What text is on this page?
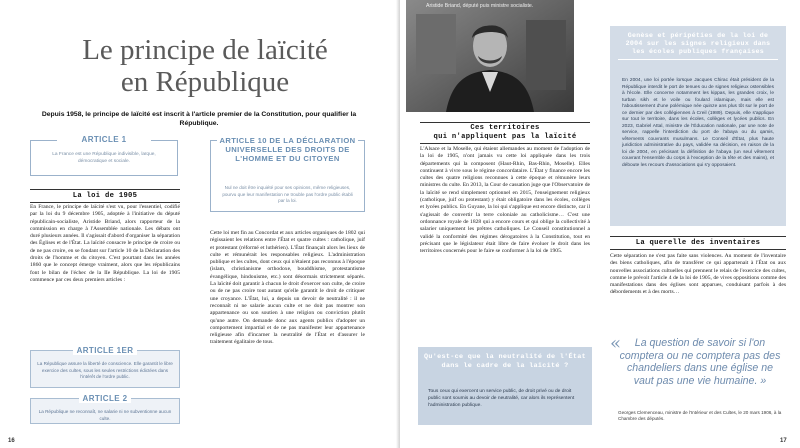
Le principe de laïcité
en République
Depuis 1958, le principe de laïcité est inscrit à l'article premier de la Constitution, pour qualifier la République.
ARTICLE 1

La France est une République indivisible, laïque, démocratique et sociale.

La loi de 1905
En France, le principe de laïcité s'est vu, pour l'essentiel, codifié par la loi du 9 décembre 1905, adoptée à l'initiative du député républicain-socialiste, Aristide Briand, alors rapporteur de la commission en charge à l'Assemblée nationale. Les débats ont duré plusieurs années. Il s'agissait d'abord d'organiser la séparation des Églises et de l'État. La laïcité consacre le principe de croire ou de ne pas croire, en se fondant sur l'article 10 de la Déclaration des droits de l'homme et du citoyen. C'est pourtant dans les années 1860 que le concept émerge vraiment, alors que les républicains font le bilan de l'échec de la IIe République. La loi de 1905 commence par ces deux premiers articles :
ARTICLE 1ER

La République assure la liberté de conscience. Elle garantit le libre exercice des cultes, sous les seules restrictions édictées dans l'intérêt de l'ordre public.

ARTICLE 2

La République ne reconnaît, ne salarie ni ne subventionne aucun culte.

ARTICLE 10 DE LA DÉCLARATION UNIVERSELLE DES DROITS DE L'HOMME ET DU CITOYEN

Nul ne doit être inquiété pour ses opinions, même religieuses, pourvu que leur manifestation ne trouble pas l'ordre public établi par la loi.

Cette loi met fin au Concordat et aux articles organiques de 1802 qui régissaient les relations entre l'État et quatre cultes : catholique, juif et protestant (réformé et luthérien). L'État finançait alors les lieux de culte et rémunérait les responsables religieux. L'administration publique et les cultes, dont ceux qui n'étaient pas reconnus à l'époque (islam, christianisme orthodoxe, bouddhisme, protestantisme évangélique, hindouisme, etc.) sont désormais strictement séparés. La laïcité doit garantir à chacun le droit d'exercer son culte, de croire ou de ne pas croire tout autant qu'elle garantit le droit de critiquer une croyance. L'État, lui, a depuis un devoir de neutralité : il ne reconnaît ni ne salarie aucun culte et ne doit pas montrer son appartenance ou son soutien à une religion ou conviction plutôt qu'une autre. On demande donc aux agents publics d'adopter un comportement impartial et de ne pas manifester leur appartenance religieuse afin d'incarner la neutralité de l'État et d'assurer le traitement égalitaire de tous.
16
Aristide Briand, député puis ministre socialiste.
Ces territoires
qui n'appliquent pas la laïcité
L'Alsace et la Moselle, qui étaient allemandes au moment de l'adoption de la loi de 1905, n'ont jamais vu cette loi appliquée dans les trois départements qui la composent (Haut-Rhin, Bas-Rhin, Moselle). Elles continuent à vivre sous le régime concordataire. L'État y finance encore les cultes des quatre religions reconnues à cette époque et rémunère leurs ministres du culte. En 2013, la Cour de cassation juge que l'Observatoire de la laïcité se rend simplement optionnel en 2015, l'enseignement religieux (catholique, juif ou protestant) y était obligatoire dans les écoles, collèges et lycées publics. En Guyane, la loi qui s'applique est encore distincte, car il s'agissait de convertir la terre coloniale au catholicisme… C'est une ordonnance royale de 1828 qui a encore cours et qui oblige la collectivité à salarier uniquement les prêtres catholiques. Le Conseil constitutionnel a validé la conformité des régimes dérogatoires à la Constitution, tout en précisant que le législateur était libre de faire évoluer le droit dans les territoires concernés pour le faire se conformer à la loi de 1905.
Qu'est-ce que la neutralité de l'État dans le cadre de la laïcité ?

Tous ceux qui exercent un service public, de droit privé ou de droit public sont soumis au devoir de neutralité, car alors ils représentent l'administration publique.

Genèse et péripéties de la loi de 2004 sur les signes religieux dans les écoles publiques françaises

En 2004, une loi portée lorsque Jacques Chirac était président de la République interdit le port de tenues ou de signes religieux ostensibles à l'école. Elle concerne notamment les kippas, les grandes croix, le turban sikh et le voile ou foulard islamique, mais elle est l'aboutissement d'une polémique née quinze ans plus tôt sur le port de ce dernier par des collégiennes à Creil (1989). Depuis, elle s'applique sur tout le territoire, dans les écoles, collèges et lycées publics. En 2023, Gabriel Attal, ministre de l'Éducation nationale, par une note de service, rappelle l'interdiction du port de l'abaya ou du qamis, vêtements couvrants musulmans. Le Conseil d'État, plus haute juridiction administrative du pays, validée sa décision, en raison de la loi de 2004, en précisant la définition de l'abaya (un seul vêtement couvrant l'ensemble du corps à l'exception de la tête et des mains), et déboute les recours d'associations qui s'y opposaient.

La querelle des inventaires
Cette séparation ne s'est pas faite sans violences. Au moment de l'inventaire des biens catholiques, afin de transférer ce qui appartenait à l'État ou aux nouvelles associations cultuelles qui prennent le relais de l'exercice des cultes, comme le prévoit l'article 4 de la loi de 1905, de vives oppositions comme des manifestations dans des églises sont apparues, conduisant parfois à des débordements et à des morts…
«	La question de savoir si l'on comptera ou ne comptera pas des chandeliers dans une église ne vaut pas une vie humaine. »
Georges Clemenceau, ministre de l'Intérieur et des Cultes, le 20 mars 1906, à la Chambre des députés.
17
